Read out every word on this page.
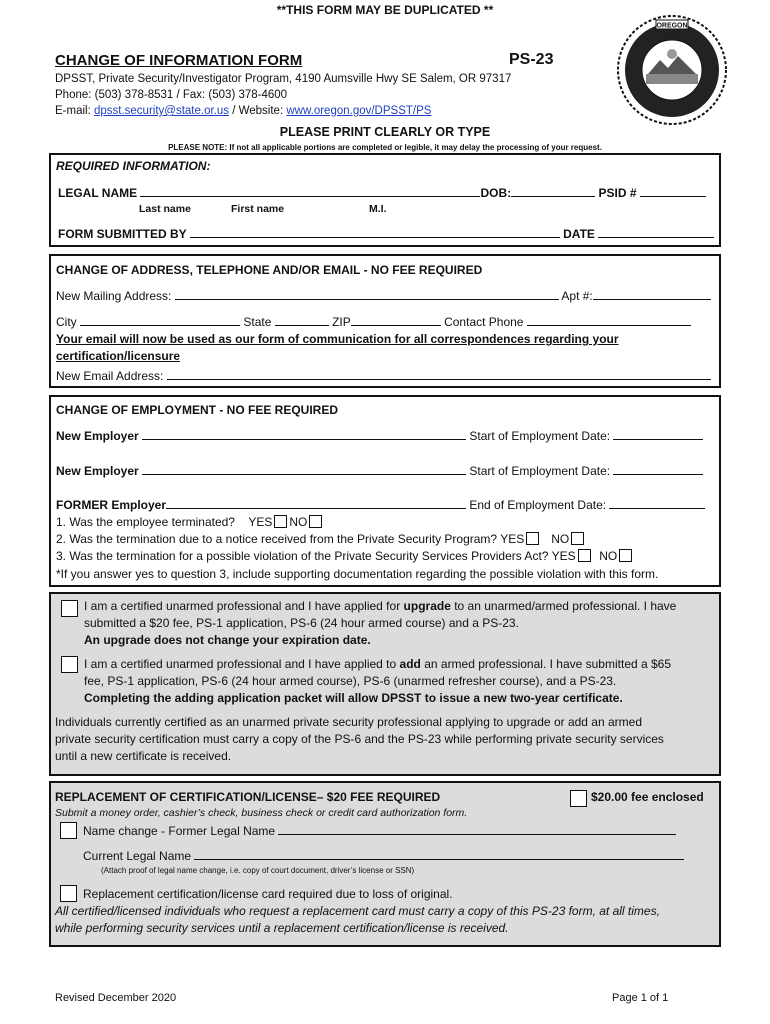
**THIS FORM MAY BE DUPLICATED **
CHANGE OF INFORMATION FORM	PS-23
DPSST, Private Security/Investigator Program, 4190 Aumsville Hwy SE Salem, OR 97317
Phone: (503) 378-8531 / Fax: (503) 378-4600
E-mail: dpsst.security@state.or.us / Website: www.oregon.gov/DPSST/PS
OREGON
PLEASE PRINT CLEARLY OR TYPE
PLEASE NOTE: If not all applicable portions are completed or legible, it may delay the processing of your request.
REQUIRED INFORMATION:
LEGAL NAME	DOB:	PSID #
Last name	First name	M.I.
FORM SUBMITTED BY	DATE
CHANGE OF ADDRESS, TELEPHONE AND/OR EMAIL - NO FEE REQUIRED
New Mailing Address:	Apt #:
City	State	ZIP	Contact Phone
Your email will now be used as our form of communication for all correspondences regarding your
certification/licensure
New Email Address:
CHANGE OF EMPLOYMENT - NO FEE REQUIRED
New Employer	Start of Employment Date:
New Employer	Start of Employment Date:
FORMER Employer	End of Employment Date:
1. Was the employee terminated? YES NO
2. Was the termination due to a notice received from the Private Security Program? YES NO
3. Was the termination for a possible violation of the Private Security Services Providers Act? YES NO
*If you answer yes to question 3, include supporting documentation regarding the possible violation with this form.
I am a certified unarmed professional and I have applied for upgrade to an unarmed/armed professional. I have
submitted a $20 fee, PS-1 application, PS-6 (24 hour armed course) and a PS-23.
An upgrade does not change your expiration date.
I am a certified unarmed professional and I have applied to add an armed professional. I have submitted a $65
fee, PS-1 application, PS-6 (24 hour armed course), PS-6 (unarmed refresher course), and a PS-23.
Completing the adding application packet will allow DPSST to issue a new two-year certificate.
Individuals currently certified as an unarmed private security professional applying to upgrade or add an armed
private security certification must carry a copy of the PS-6 and the PS-23 while performing private security services
until a new certificate is received.
REPLACEMENT OF CERTIFICATION/LICENSE– $20 FEE REQUIRED	$20.00 fee enclosed
Submit a money order, cashier’s check, business check or credit card authorization form.
Name change - Former Legal Name
Current Legal Name
(Attach proof of legal name change, i.e. copy of court document, driver’s license or SSN)
Replacement certification/license card required due to loss of original.
All certified/licensed individuals who request a replacement card must carry a copy of this PS-23 form, at all times,
while performing security services until a replacement certification/license is received.
Revised December 2020	Page 1 of 1
